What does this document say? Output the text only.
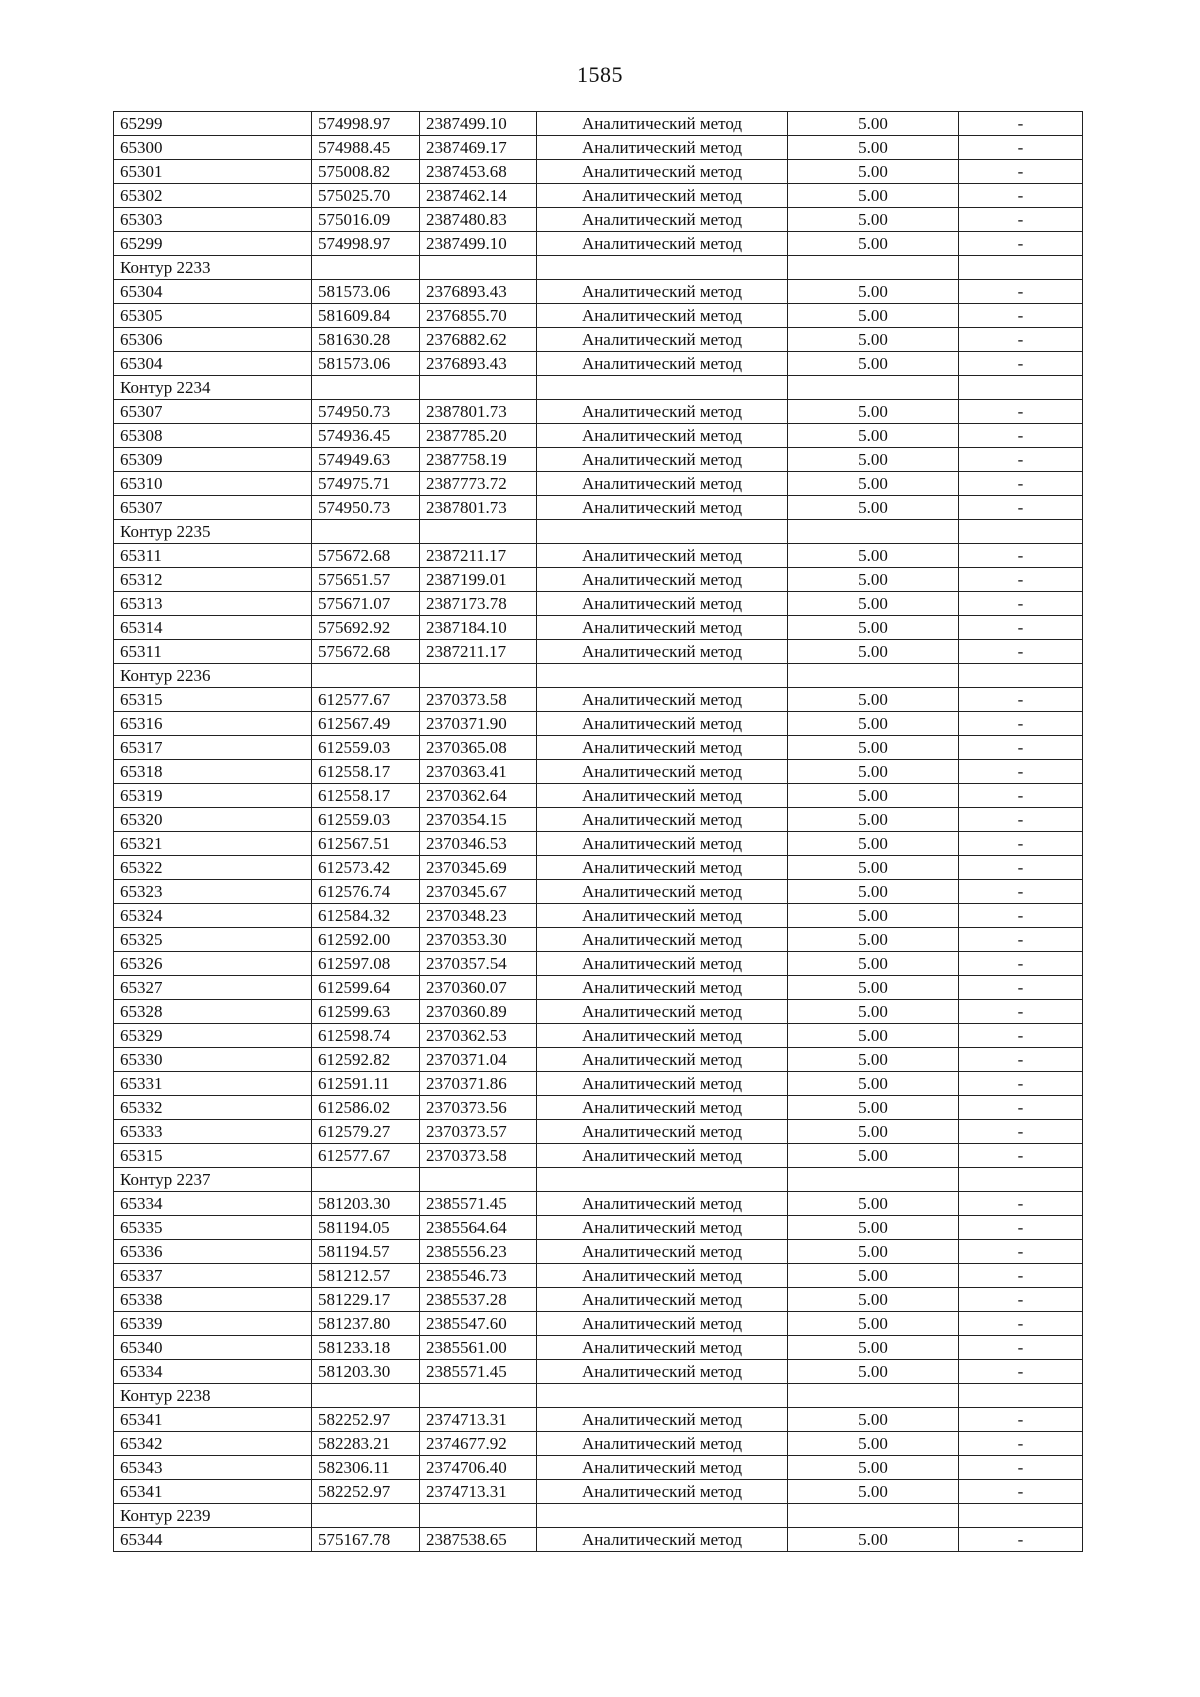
1585
65299	574998.97	2387499.10	Аналитический метод	5.00	-
65300	574988.45	2387469.17	Аналитический метод	5.00	-
65301	575008.82	2387453.68	Аналитический метод	5.00	-
65302	575025.70	2387462.14	Аналитический метод	5.00	-
65303	575016.09	2387480.83	Аналитический метод	5.00	-
65299	574998.97	2387499.10	Аналитический метод	5.00	-
Контур 2233					
65304	581573.06	2376893.43	Аналитический метод	5.00	-
65305	581609.84	2376855.70	Аналитический метод	5.00	-
65306	581630.28	2376882.62	Аналитический метод	5.00	-
65304	581573.06	2376893.43	Аналитический метод	5.00	-
Контур 2234					
65307	574950.73	2387801.73	Аналитический метод	5.00	-
65308	574936.45	2387785.20	Аналитический метод	5.00	-
65309	574949.63	2387758.19	Аналитический метод	5.00	-
65310	574975.71	2387773.72	Аналитический метод	5.00	-
65307	574950.73	2387801.73	Аналитический метод	5.00	-
Контур 2235					
65311	575672.68	2387211.17	Аналитический метод	5.00	-
65312	575651.57	2387199.01	Аналитический метод	5.00	-
65313	575671.07	2387173.78	Аналитический метод	5.00	-
65314	575692.92	2387184.10	Аналитический метод	5.00	-
65311	575672.68	2387211.17	Аналитический метод	5.00	-
Контур 2236					
65315	612577.67	2370373.58	Аналитический метод	5.00	-
65316	612567.49	2370371.90	Аналитический метод	5.00	-
65317	612559.03	2370365.08	Аналитический метод	5.00	-
65318	612558.17	2370363.41	Аналитический метод	5.00	-
65319	612558.17	2370362.64	Аналитический метод	5.00	-
65320	612559.03	2370354.15	Аналитический метод	5.00	-
65321	612567.51	2370346.53	Аналитический метод	5.00	-
65322	612573.42	2370345.69	Аналитический метод	5.00	-
65323	612576.74	2370345.67	Аналитический метод	5.00	-
65324	612584.32	2370348.23	Аналитический метод	5.00	-
65325	612592.00	2370353.30	Аналитический метод	5.00	-
65326	612597.08	2370357.54	Аналитический метод	5.00	-
65327	612599.64	2370360.07	Аналитический метод	5.00	-
65328	612599.63	2370360.89	Аналитический метод	5.00	-
65329	612598.74	2370362.53	Аналитический метод	5.00	-
65330	612592.82	2370371.04	Аналитический метод	5.00	-
65331	612591.11	2370371.86	Аналитический метод	5.00	-
65332	612586.02	2370373.56	Аналитический метод	5.00	-
65333	612579.27	2370373.57	Аналитический метод	5.00	-
65315	612577.67	2370373.58	Аналитический метод	5.00	-
Контур 2237					
65334	581203.30	2385571.45	Аналитический метод	5.00	-
65335	581194.05	2385564.64	Аналитический метод	5.00	-
65336	581194.57	2385556.23	Аналитический метод	5.00	-
65337	581212.57	2385546.73	Аналитический метод	5.00	-
65338	581229.17	2385537.28	Аналитический метод	5.00	-
65339	581237.80	2385547.60	Аналитический метод	5.00	-
65340	581233.18	2385561.00	Аналитический метод	5.00	-
65334	581203.30	2385571.45	Аналитический метод	5.00	-
Контур 2238					
65341	582252.97	2374713.31	Аналитический метод	5.00	-
65342	582283.21	2374677.92	Аналитический метод	5.00	-
65343	582306.11	2374706.40	Аналитический метод	5.00	-
65341	582252.97	2374713.31	Аналитический метод	5.00	-
Контур 2239					
65344	575167.78	2387538.65	Аналитический метод	5.00	-
